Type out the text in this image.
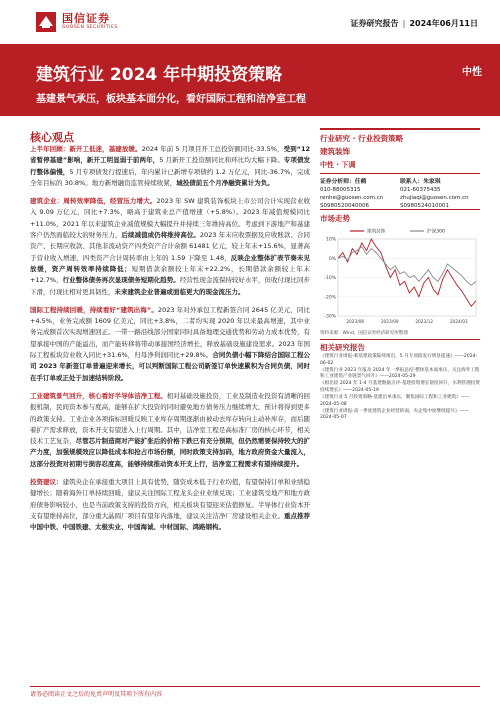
国信证券
GUOSEN SECURITIES	证券研究报告 | 2024年06月11日
建筑行业 2024 年中期投资策略
基建景气承压，板块基本面分化，看好国际工程和洁净室工程
中性
核心观点

上半年回顾：新开工低迷，基建放缓。2024 年前 5 月项目开工总投资额同比-33.5%，受到“12 省暂停基建”影响，新开工明显弱于前两年，5 月新开工投资额同比和环比均大幅下降。专项债发行整体偏慢，5 月专项债发行提速后，年内累计已新增专项债约 1.2 万亿元，同比-36.7%，完成全年目标的 30.8%。地方新增融资监管持续收紧，城投债前五个月净融资累计为负。

建筑企业：周转效率降低，经营压力增大。2023 年 SW 建筑装饰板块上市公司合计实现营业收入 9.09 万亿元，同比+7.3%，略高于建筑业总产值增速（+5.8%）。2023 年减值规模同比+11.0%，2021 年以来建筑企业减值规模大幅提升并持续三年维持高位。考虑到下游地产和基建客户仍然面临较大的财务压力，后续减值或仍将维持高位。2023 年末应收票据及应收账款、合同资产、长期应收款、其他非流动资产四类资产合计余额 61481 亿元，较上年末+15.6%，显著高于营业收入增速，四类资产合计周转率由上年的 1.59 下降至 1.48，反映企业整体扩表节奏未见放缓，资产周转效率持续降低；短期借款余额较上年末+22.2%，长期借款余额较上年末+12.7%，行业整体债务再次显现债务短期化趋势。经营性现金流保持较好水平，但收付现比同步下滑，付现比相对更具韧性，未来建筑企业普遍或面临更大的现金流压力。

国际工程持续回暖，持续看好“建筑出海”。2023 年对外承包工程新签合同 2645 亿美元，同比+4.5%，业务完成额 1609 亿美元，同比+3.8%，二者均实现 2020 年以来最高增速，其中业务完成额首次实现增速回正。一带一路沿线部分国家同时具备地理交通优势和劳动力成本优势，有望承接中国的产能溢出，而产能转移将带动承接国经济增长，释放基础设施建设需求。2023 年国际工程板块营业收入同比+31.6%，归母净利润同比+29.8%。合同负债小幅下降结合国际工程公司 2023 年新签订单普遍迎来增长，可以判断国际工程公司新签订单快速累积为合同负债，同时在手订单或正处于加速结转阶段。

工业建筑景气回升，核心看好半导体洁净工程。相对基础设施投资，工业及制造业投资有清晰的回报机制，民间资本参与度高，能够在扩大投资的同时避免地方债务压力继续增大，预计将得到更多的政策支持。工业企业各项指标回暖反映工业库存周期逐渐由被动去库存转向主动补库存，而后随着扩产需求释放，资本开支有望进入上行周期。其中，洁净室工程是高标准厂房的核心环节，相关技术工艺复杂，尽管芯片制造商对产能扩张后的价格下跌已有充分预期，但仍然需要保持较大的扩产力度，加强规模效应以降低成本和抢占市场份额，同时政策支持加码，地方政府资金大量流入，这部分投资对初期亏损容忍度高，能够持续推动资本开支上行，洁净室工程需求有望持续提升。

投资建议：建筑央企在承接重大项目上具有优势，随资成本低于行业均值，有望保持订单和业绩稳健增长；随着海外订单持续回暖，建议关注国际工程龙头企业业绩兑现；工业建筑受地产和地方政府债务影响较小，也是当前政策支持的投资方向，相关板块有望迎来估值修复。半导体行业资本开支有望维持高位，部分重大晶圆厂项目有望年内落地，建议关注洁净厂房建设相关企业。重点推荐中国中铁、中国铁建、太极实业、中国海诚、中材国际、鸿路钢构。

行业研究 · 行业投资策略
建筑装饰
中性 · 下调
证券分析师：任鹤
010-88005315
renhe@guosen.com.cn
S0980520040006
联系人：朱家琪
021-60375435
zhujiaqi@guosen.com.cn
S0980524010001
市场走势
10%
0%
-10%
-20%
-30%
2023/06	2023/09	2023/12	2024/03
建筑装饰	沪深300
资料来源：Wind、国信证券经济研究所整理
相关研究报告
《建筑行业周报-新基建政策陆续推出，5 月专项债发行明显提速》——2024-06-02
《建筑行业 2023 年报及 2024 年一季报总结-整体基本面承压，关注海外工程和工业建筑产业链景气回升》——2024-05-29
《相比较 2024 年 1-4 月基建数据点评-基建投资增长韧度回升，水利管理投资持续增长》——2024-05-19
《建筑行业 5 月投资策略-基建出单承压，聚焦国际工程和工业建筑》——2024-05-08
《建筑行业周报-高一季度建筑企业经营转弱，央企集中度继续提升》——2024-05-07
请务必阅读正文之后的免责声明及其项下所有内容
